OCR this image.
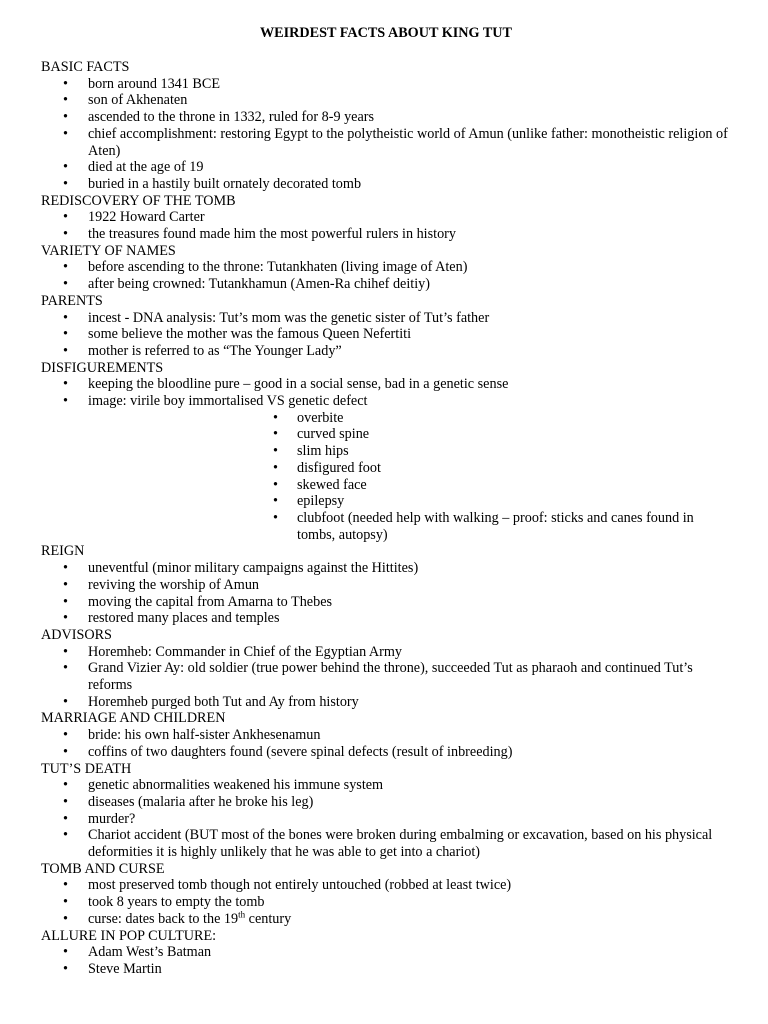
WEIRDEST FACTS ABOUT KING TUT
BASIC FACTS
• born around 1341 BCE
• son of Akhenaten
• ascended to the throne in 1332, ruled for 8-9 years
• chief accomplishment: restoring Egypt to the polytheistic world of Amun (unlike father: monotheistic religion of Aten)
• died at the age of 19
• buried in a hastily built ornately decorated tomb
REDISCOVERY OF THE TOMB
• 1922 Howard Carter
• the treasures found made him the most powerful rulers in history
VARIETY OF NAMES
• before ascending to the throne: Tutankhaten (living image of Aten)
• after being crowned: Tutankhamun (Amen-Ra chihef deitiy)
PARENTS
• incest - DNA analysis: Tut’s mom was the genetic sister of Tut’s father
• some believe the mother was the famous Queen Nefertiti
• mother is referred to as “The Younger Lady”
DISFIGUREMENTS
• keeping the bloodline pure – good in a social sense, bad in a genetic sense
• image: virile boy immortalised VS genetic defect
• overbite
• curved spine
• slim hips
• disfigured foot
• skewed face
• epilepsy
• clubfoot (needed help with walking – proof: sticks and canes found in tombs, autopsy)
REIGN
• uneventful (minor military campaigns against the Hittites)
• reviving the worship of Amun
• moving the capital from Amarna to Thebes
• restored many places and temples
ADVISORS
• Horemheb: Commander in Chief of the Egyptian Army
• Grand Vizier Ay: old soldier (true power behind the throne), succeeded Tut as pharaoh and continued Tut’s reforms
• Horemheb purged both Tut and Ay from history
MARRIAGE AND CHILDREN
• bride: his own half-sister Ankhesenamun
• coffins of two daughters found (severe spinal defects (result of inbreeding)
TUT’S DEATH
• genetic abnormalities weakened his immune system
• diseases (malaria after he broke his leg)
• murder?
• Chariot accident (BUT most of the bones were broken during embalming or excavation, based on his physical deformities it is highly unlikely that he was able to get into a chariot)
TOMB AND CURSE
• most preserved tomb though not entirely untouched (robbed at least twice)
• took 8 years to empty the tomb
• curse: dates back to the 19th century
ALLURE IN POP CULTURE:
• Adam West’s Batman
• Steve Martin
